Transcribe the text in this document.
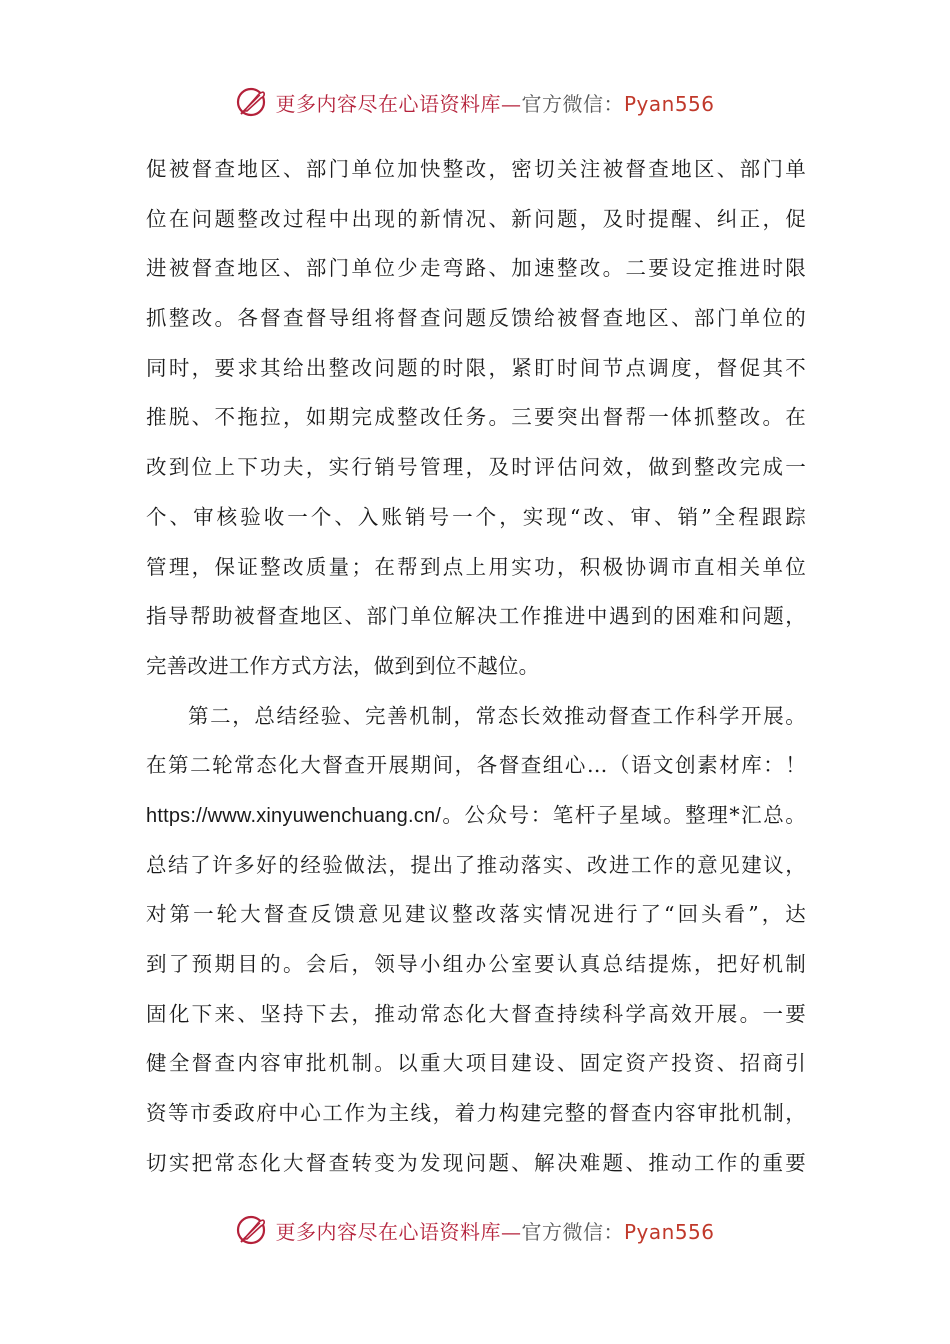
更多内容尽在心语资料库—官方微信：Pyan556
促被督查地区、部门单位加快整改，密切关注被督查地区、部门单
位在问题整改过程中出现的新情况、新问题，及时提醒、纠正，促
进被督查地区、部门单位少走弯路、加速整改。二要设定推进时限
抓整改。各督查督导组将督查问题反馈给被督查地区、部门单位的
同时，要求其给出整改问题的时限，紧盯时间节点调度，督促其不
推脱、不拖拉，如期完成整改任务。三要突出督帮一体抓整改。在
改到位上下功夫，实行销号管理，及时评估问效，做到整改完成一
个、审核验收一个、入账销号一个，实现“改、审、销”全程跟踪
管理，保证整改质量；在帮到点上用实功，积极协调市直相关单位
指导帮助被督查地区、部门单位解决工作推进中遇到的困难和问题，
完善改进工作方式方法，做到到位不越位。
第二，总结经验、完善机制，常态长效推动督查工作科学开展。
在第二轮常态化大督查开展期间，各督查组心…（语文创素材库：！
https://www.xinyuwenchuang.cn/。公众号：笔杆子星域。整理*汇总。
总结了许多好的经验做法，提出了推动落实、改进工作的意见建议，
对第一轮大督查反馈意见建议整改落实情况进行了“回头看”，达
到了预期目的。会后，领导小组办公室要认真总结提炼，把好机制
固化下来、坚持下去，推动常态化大督查持续科学高效开展。一要
健全督查内容审批机制。以重大项目建设、固定资产投资、招商引
资等市委政府中心工作为主线，着力构建完整的督查内容审批机制，
切实把常态化大督查转变为发现问题、解决难题、推动工作的重要
更多内容尽在心语资料库—官方微信：Pyan556
